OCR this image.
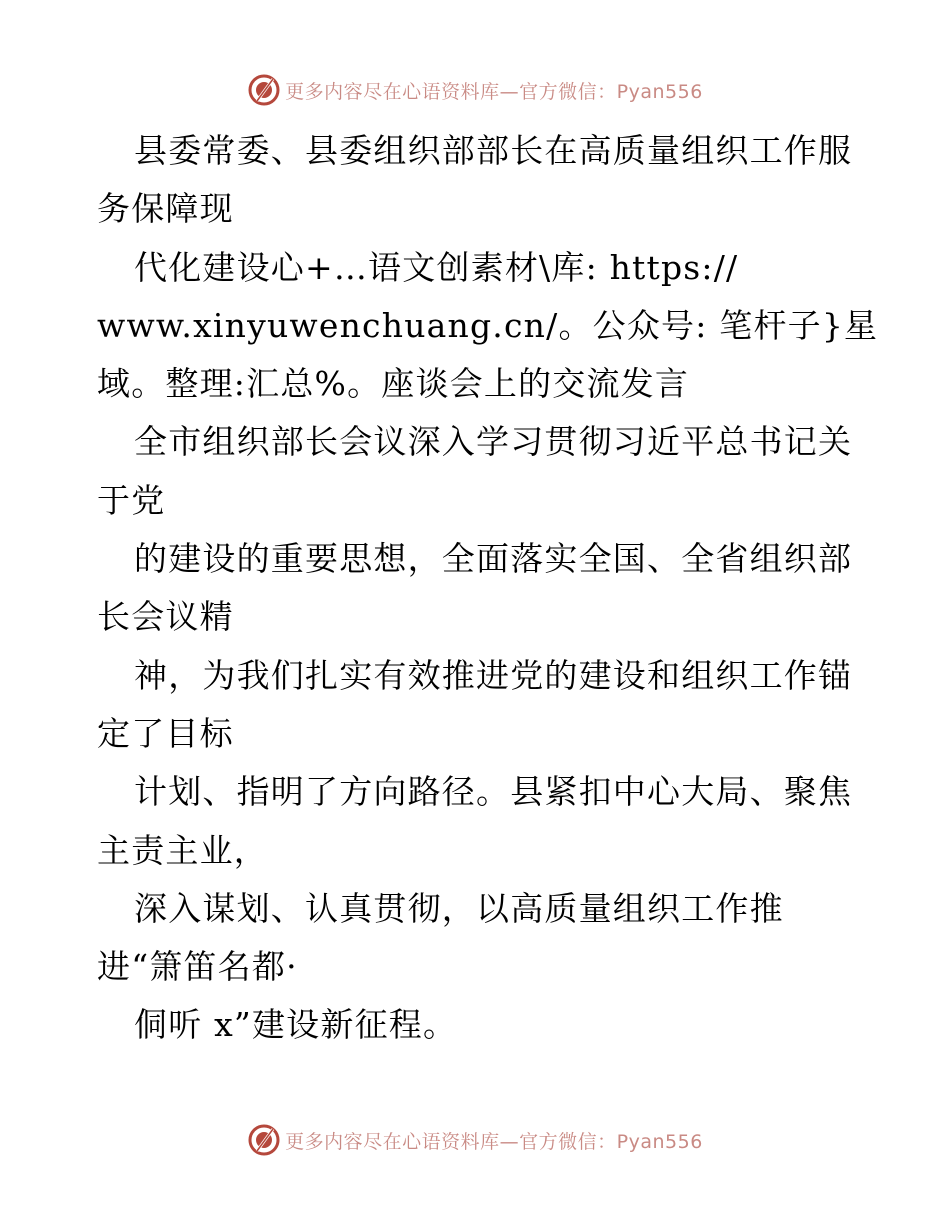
更多内容尽在心语资料库—官方微信：Pyan556
县委常委、县委组织部部长在高质量组织工作服
务保障现
代化建设心+…语文创素材\库: https://
www.xinyuwenchuang.cn/。公众号: 笔杆子}星
域。整理:汇总%。座谈会上的交流发言
全市组织部长会议深入学习贯彻习近平总书记关
于党
的建设的重要思想，全面落实全国、全省组织部
长会议精
神，为我们扎实有效推进党的建设和组织工作锚
定了目标
计划、指明了方向路径。县紧扣中心大局、聚焦
主责主业，
深入谋划、认真贯彻，以高质量组织工作推
进“箫笛名都·
侗听 x”建设新征程。
更多内容尽在心语资料库—官方微信：Pyan556
